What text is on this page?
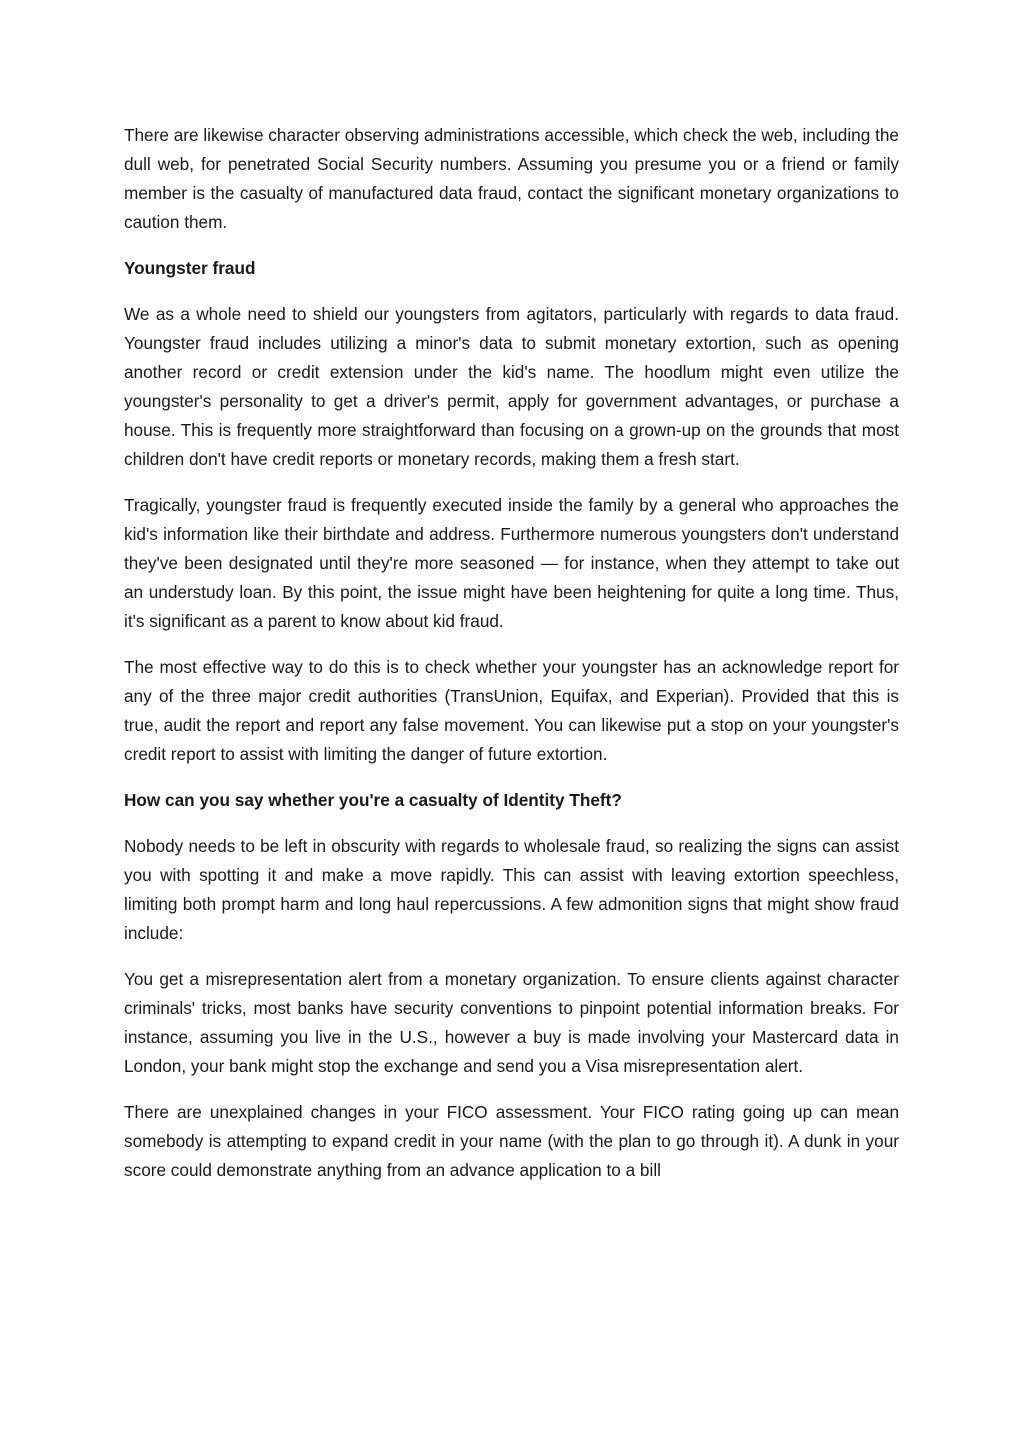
There are likewise character observing administrations accessible, which check the web, including the dull web, for penetrated Social Security numbers. Assuming you presume you or a friend or family member is the casualty of manufactured data fraud, contact the significant monetary organizations to caution them.

Youngster fraud

We as a whole need to shield our youngsters from agitators, particularly with regards to data fraud. Youngster fraud includes utilizing a minor's data to submit monetary extortion, such as opening another record or credit extension under the kid's name. The hoodlum might even utilize the youngster's personality to get a driver's permit, apply for government advantages, or purchase a house. This is frequently more straightforward than focusing on a grown-up on the grounds that most children don't have credit reports or monetary records, making them a fresh start.

Tragically, youngster fraud is frequently executed inside the family by a general who approaches the kid's information like their birthdate and address. Furthermore numerous youngsters don't understand they've been designated until they're more seasoned — for instance, when they attempt to take out an understudy loan. By this point, the issue might have been heightening for quite a long time. Thus, it's significant as a parent to know about kid fraud.

The most effective way to do this is to check whether your youngster has an acknowledge report for any of the three major credit authorities (TransUnion, Equifax, and Experian). Provided that this is true, audit the report and report any false movement. You can likewise put a stop on your youngster's credit report to assist with limiting the danger of future extortion.

How can you say whether you're a casualty of Identity Theft?

Nobody needs to be left in obscurity with regards to wholesale fraud, so realizing the signs can assist you with spotting it and make a move rapidly. This can assist with leaving extortion speechless, limiting both prompt harm and long haul repercussions. A few admonition signs that might show fraud include:

You get a misrepresentation alert from a monetary organization. To ensure clients against character criminals' tricks, most banks have security conventions to pinpoint potential information breaks. For instance, assuming you live in the U.S., however a buy is made involving your Mastercard data in London, your bank might stop the exchange and send you a Visa misrepresentation alert.

There are unexplained changes in your FICO assessment. Your FICO rating going up can mean somebody is attempting to expand credit in your name (with the plan to go through it). A dunk in your score could demonstrate anything from an advance application to a bill
